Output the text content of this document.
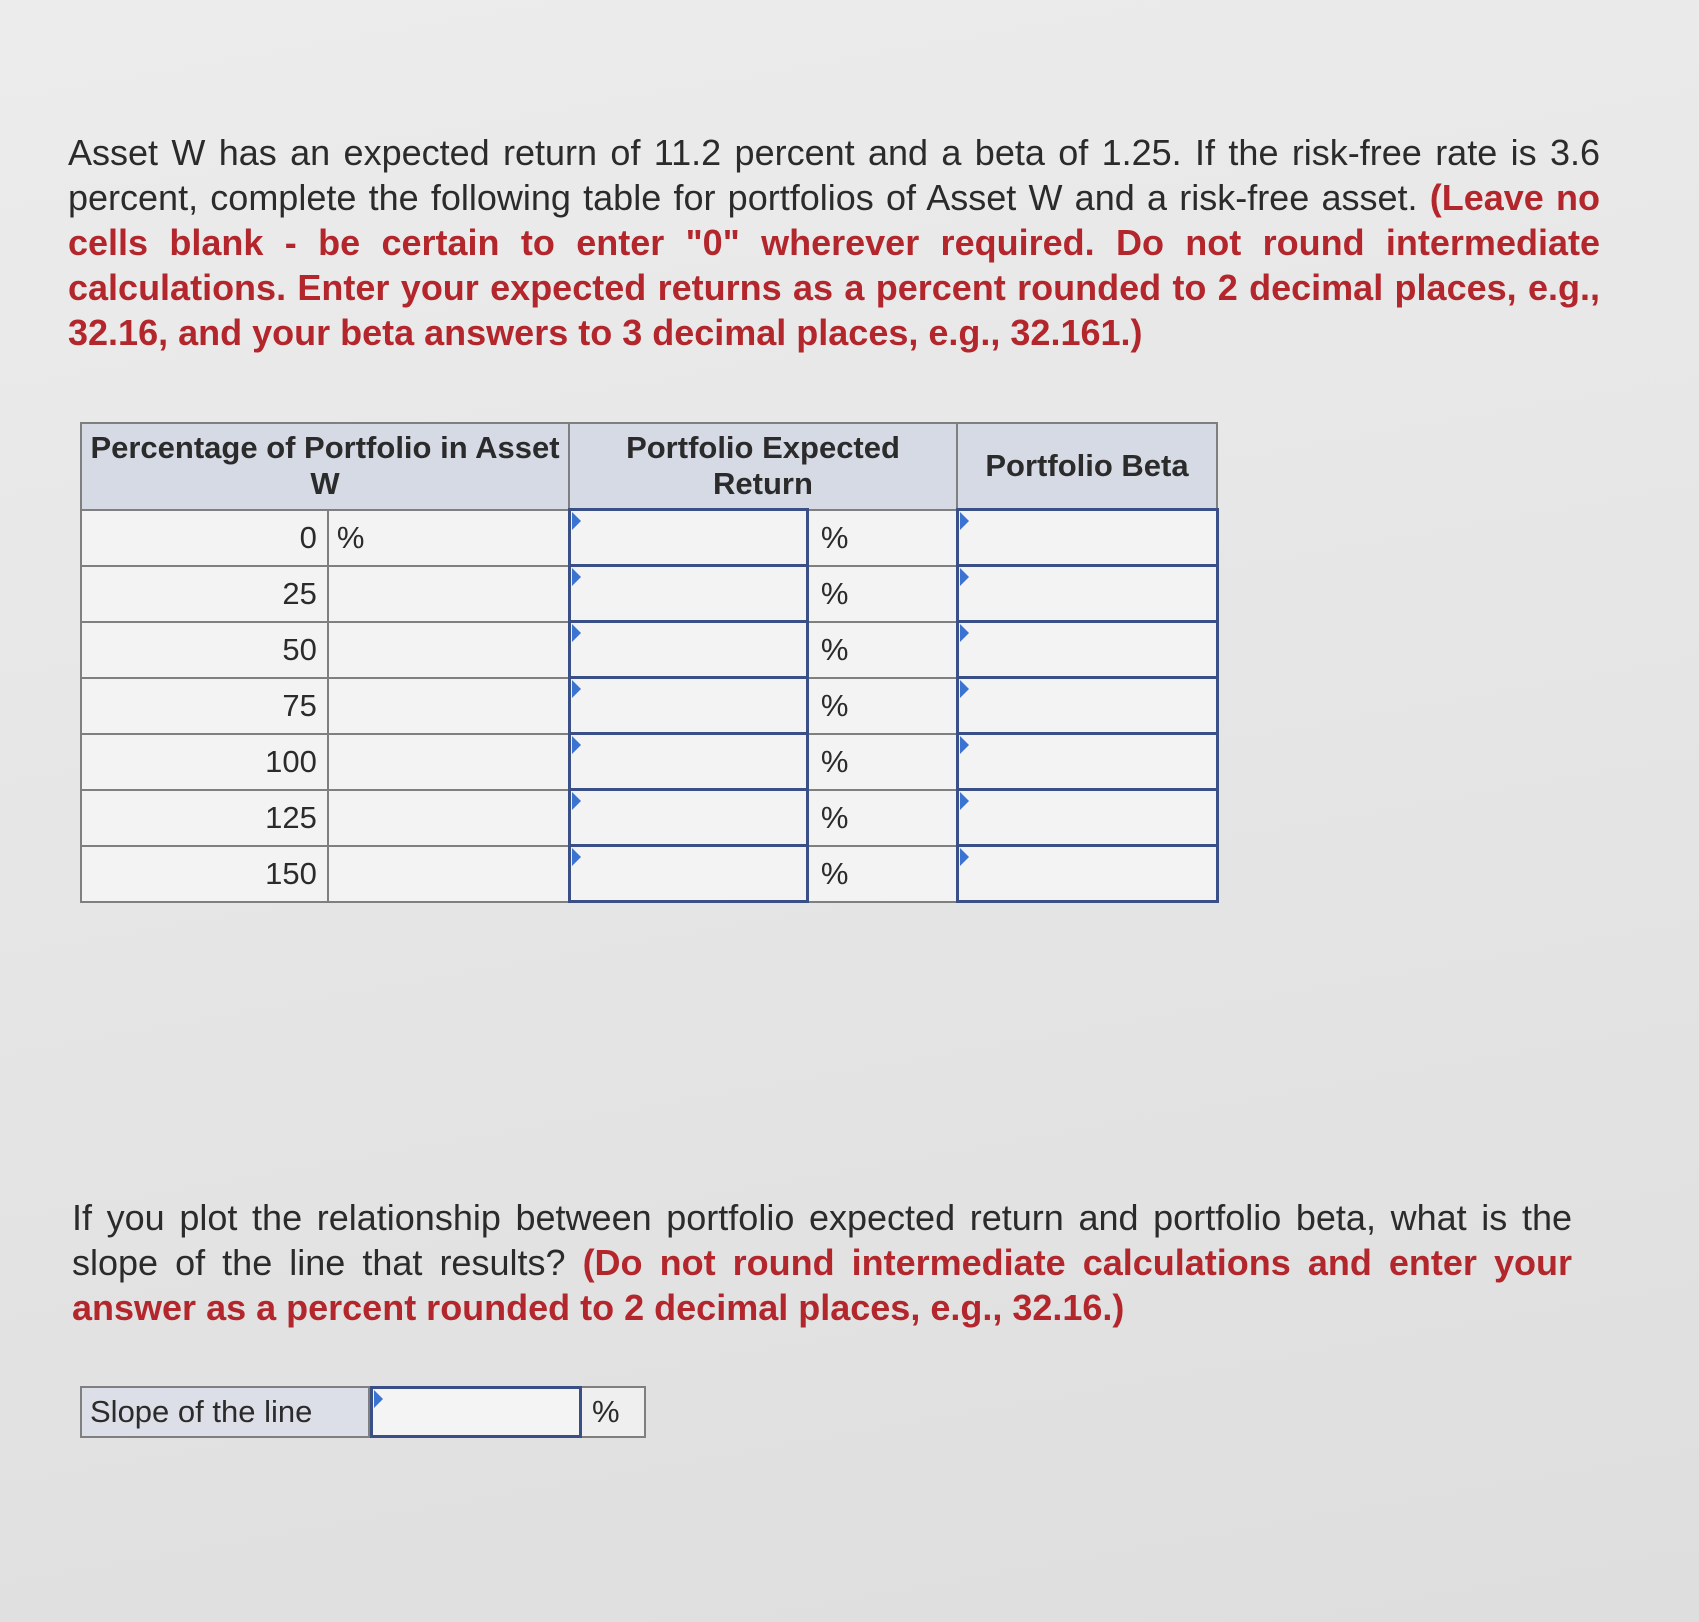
Asset W has an expected return of 11.2 percent and a beta of 1.25. If the risk-free rate is 3.6 percent, complete the following table for portfolios of Asset W and a risk-free asset. (Leave no cells blank - be certain to enter "0" wherever required. Do not round intermediate calculations. Enter your expected returns as a percent rounded to 2 decimal places, e.g., 32.16, and your beta answers to 3 decimal places, e.g., 32.161.)
Percentage of Portfolio in Asset W		Portfolio Expected Return		Portfolio Beta
0	%		%	
25			%	
50			%	
75			%	
100			%	
125			%	
150			%	
If you plot the relationship between portfolio expected return and portfolio beta, what is the slope of the line that results? (Do not round intermediate calculations and enter your answer as a percent rounded to 2 decimal places, e.g., 32.16.)
Slope of the line	%
